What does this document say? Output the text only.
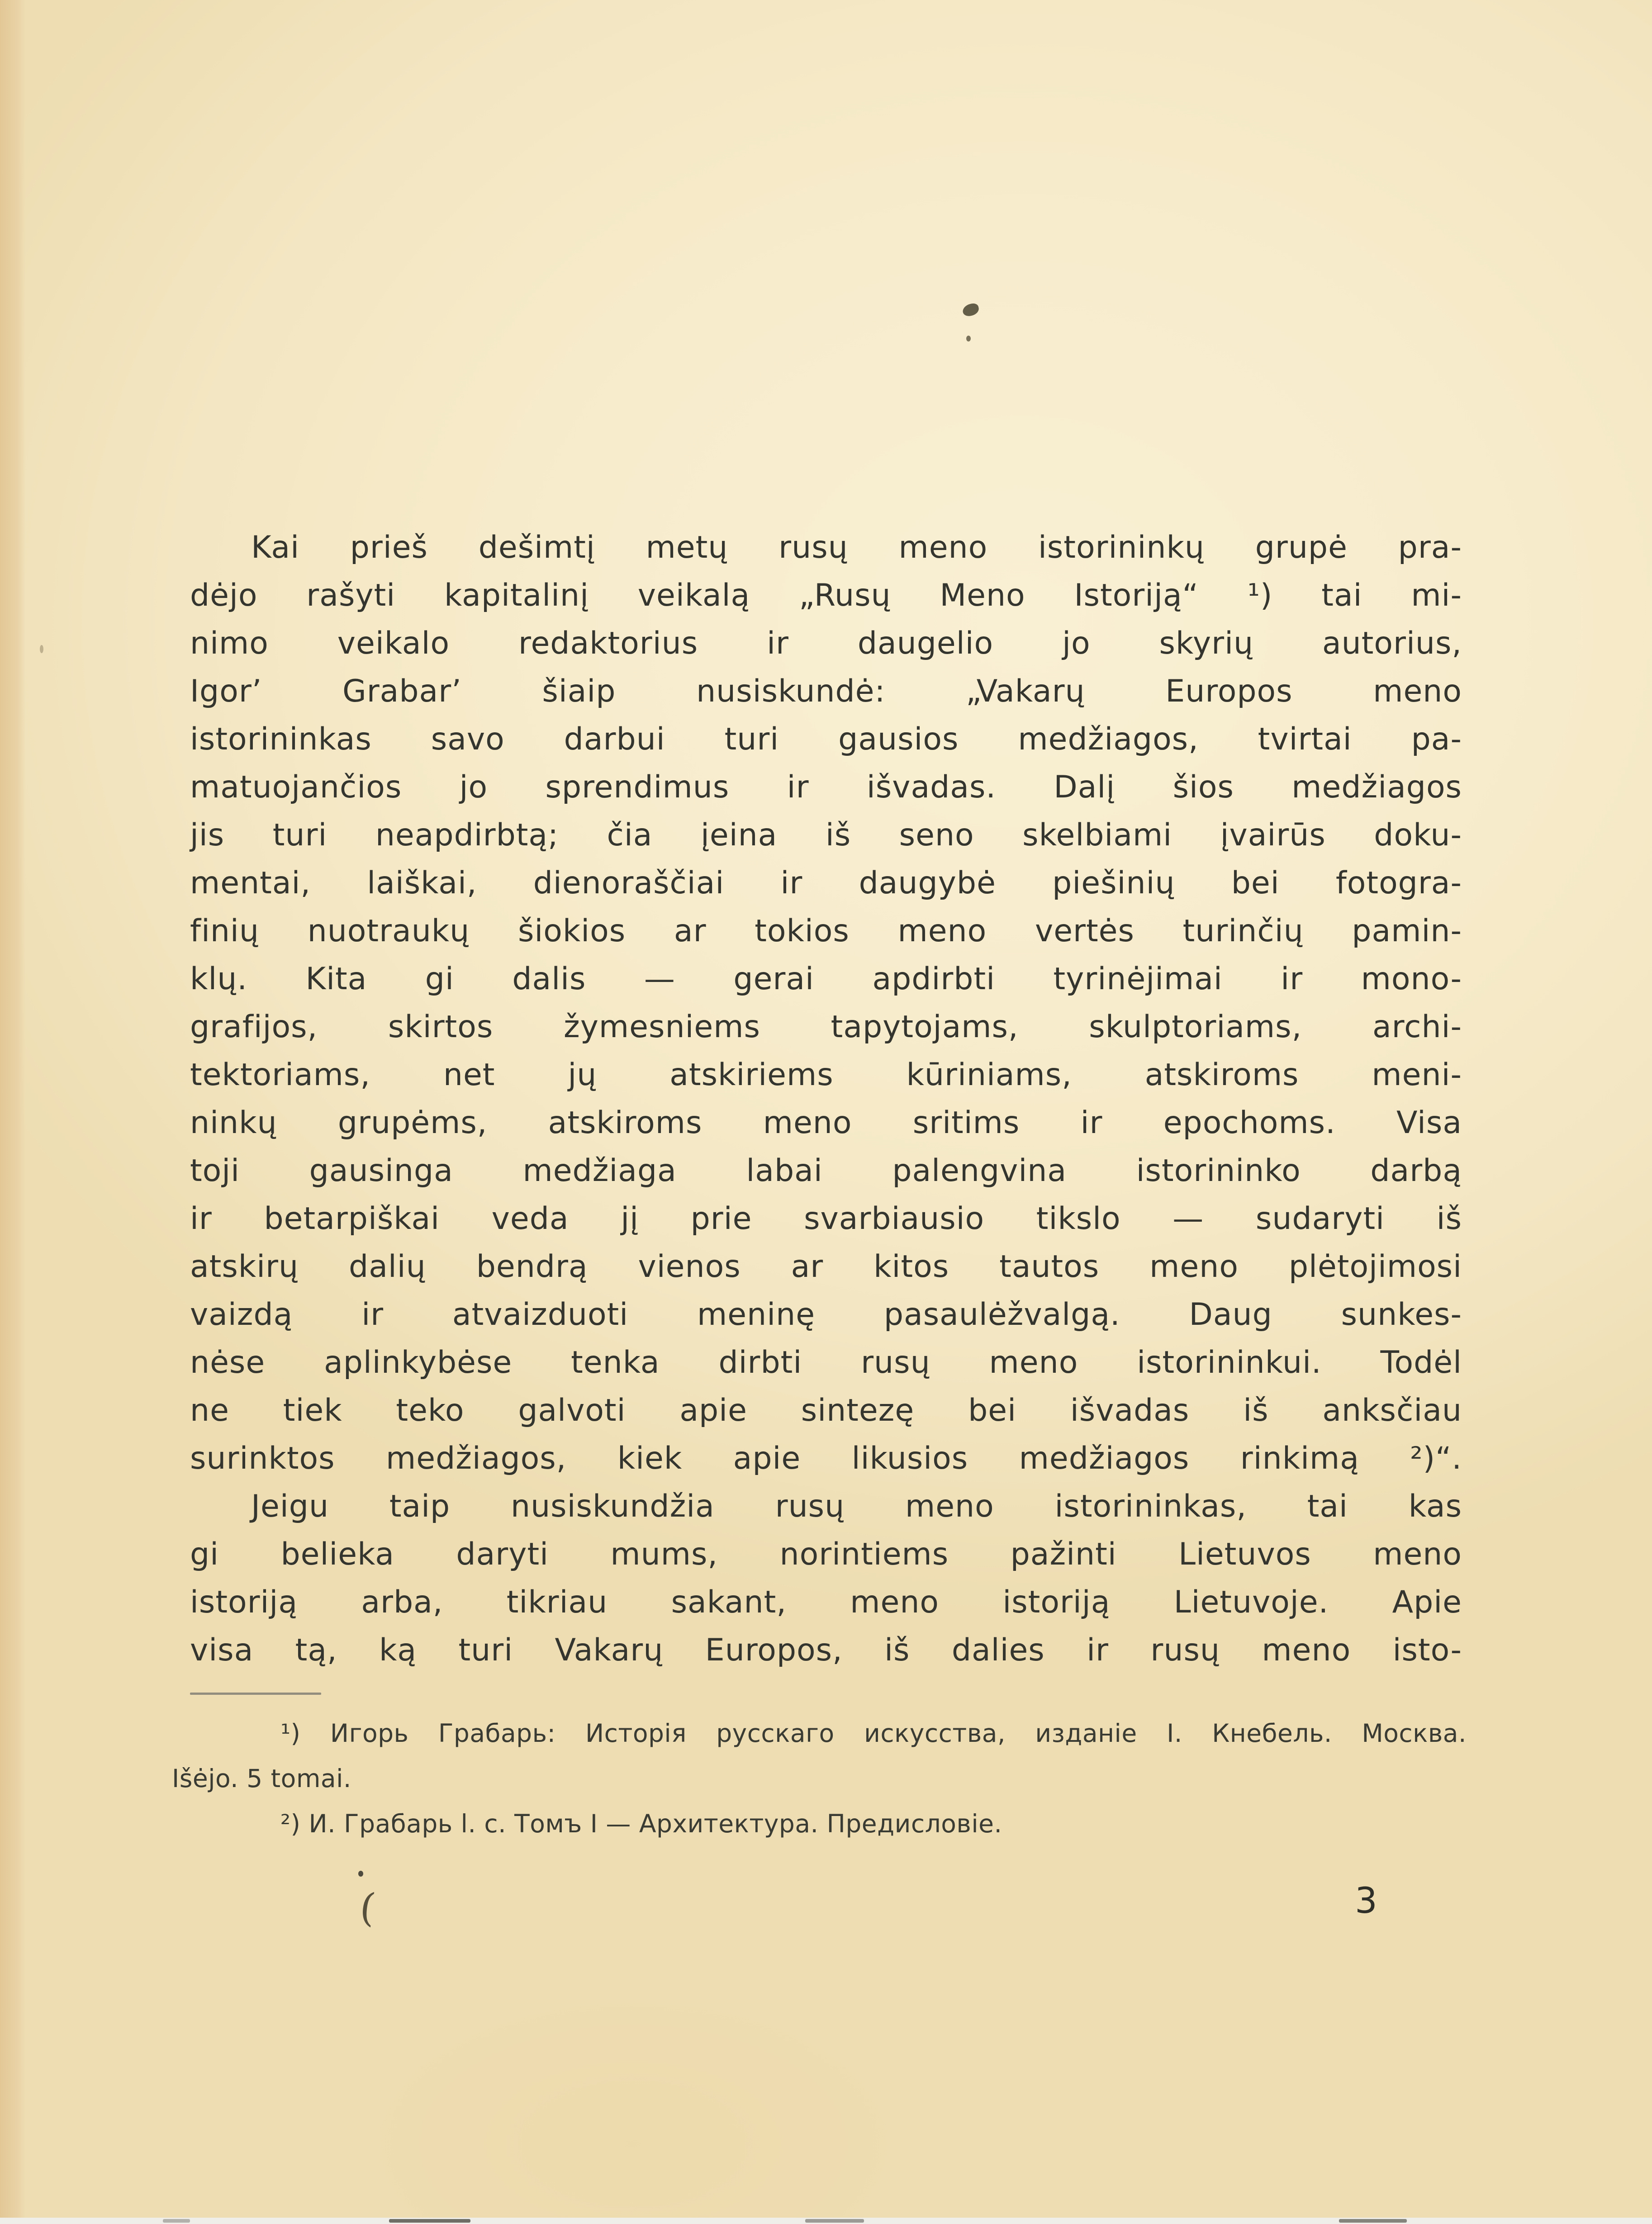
Kai prieš dešimtį metų rusų meno istorininkų grupė pra-
dėjo rašyti kapitalinį veikalą „Rusų Meno Istoriją“ ¹) tai mi-
nimo veikalo redaktorius ir daugelio jo skyrių autorius,
Igor’ Grabar’ šiaip nusiskundė: „Vakarų Europos meno
istorininkas savo darbui turi gausios medžiagos, tvirtai pa-
matuojančios jo sprendimus ir išvadas. Dalį šios medžiagos
jis turi neapdirbtą; čia įeina iš seno skelbiami įvairūs doku-
mentai, laiškai, dienoraščiai ir daugybė piešinių bei fotogra-
finių nuotraukų šiokios ar tokios meno vertės turinčių pamin-
klų. Kita gi dalis — gerai apdirbti tyrinėjimai ir mono-
grafijos, skirtos žymesniems tapytojams, skulptoriams, archi-
tektoriams, net jų atskiriems kūriniams, atskiroms meni-
ninkų grupėms, atskiroms meno sritims ir epochoms. Visa
toji gausinga medžiaga labai palengvina istorininko darbą
ir betarpiškai veda jį prie svarbiausio tikslo — sudaryti iš
atskirų dalių bendrą vienos ar kitos tautos meno plėtojimosi
vaizdą ir atvaizduoti meninę pasaulėžvalgą. Daug sunkes-
nėse aplinkybėse tenka dirbti rusų meno istorininkui. Todėl
ne tiek teko galvoti apie sintezę bei išvadas iš anksčiau
surinktos medžiagos, kiek apie likusios medžiagos rinkimą ²)“.
Jeigu taip nusiskundžia rusų meno istorininkas, tai kas
gi belieka daryti mums, norintiems pažinti Lietuvos meno
istoriją arba, tikriau sakant, meno istoriją Lietuvoje. Apie
visa tą, ką turi Vakarų Europos, iš dalies ir rusų meno isto-
¹) Игорь Грабарь: Исторія русскаго искусства, изданіе І. Кнебель. Москва.
Išėjo. 5 tomai.
²) И. Грабарь l. c. Томъ I — Архитектура. Предисловіе.
3
(
